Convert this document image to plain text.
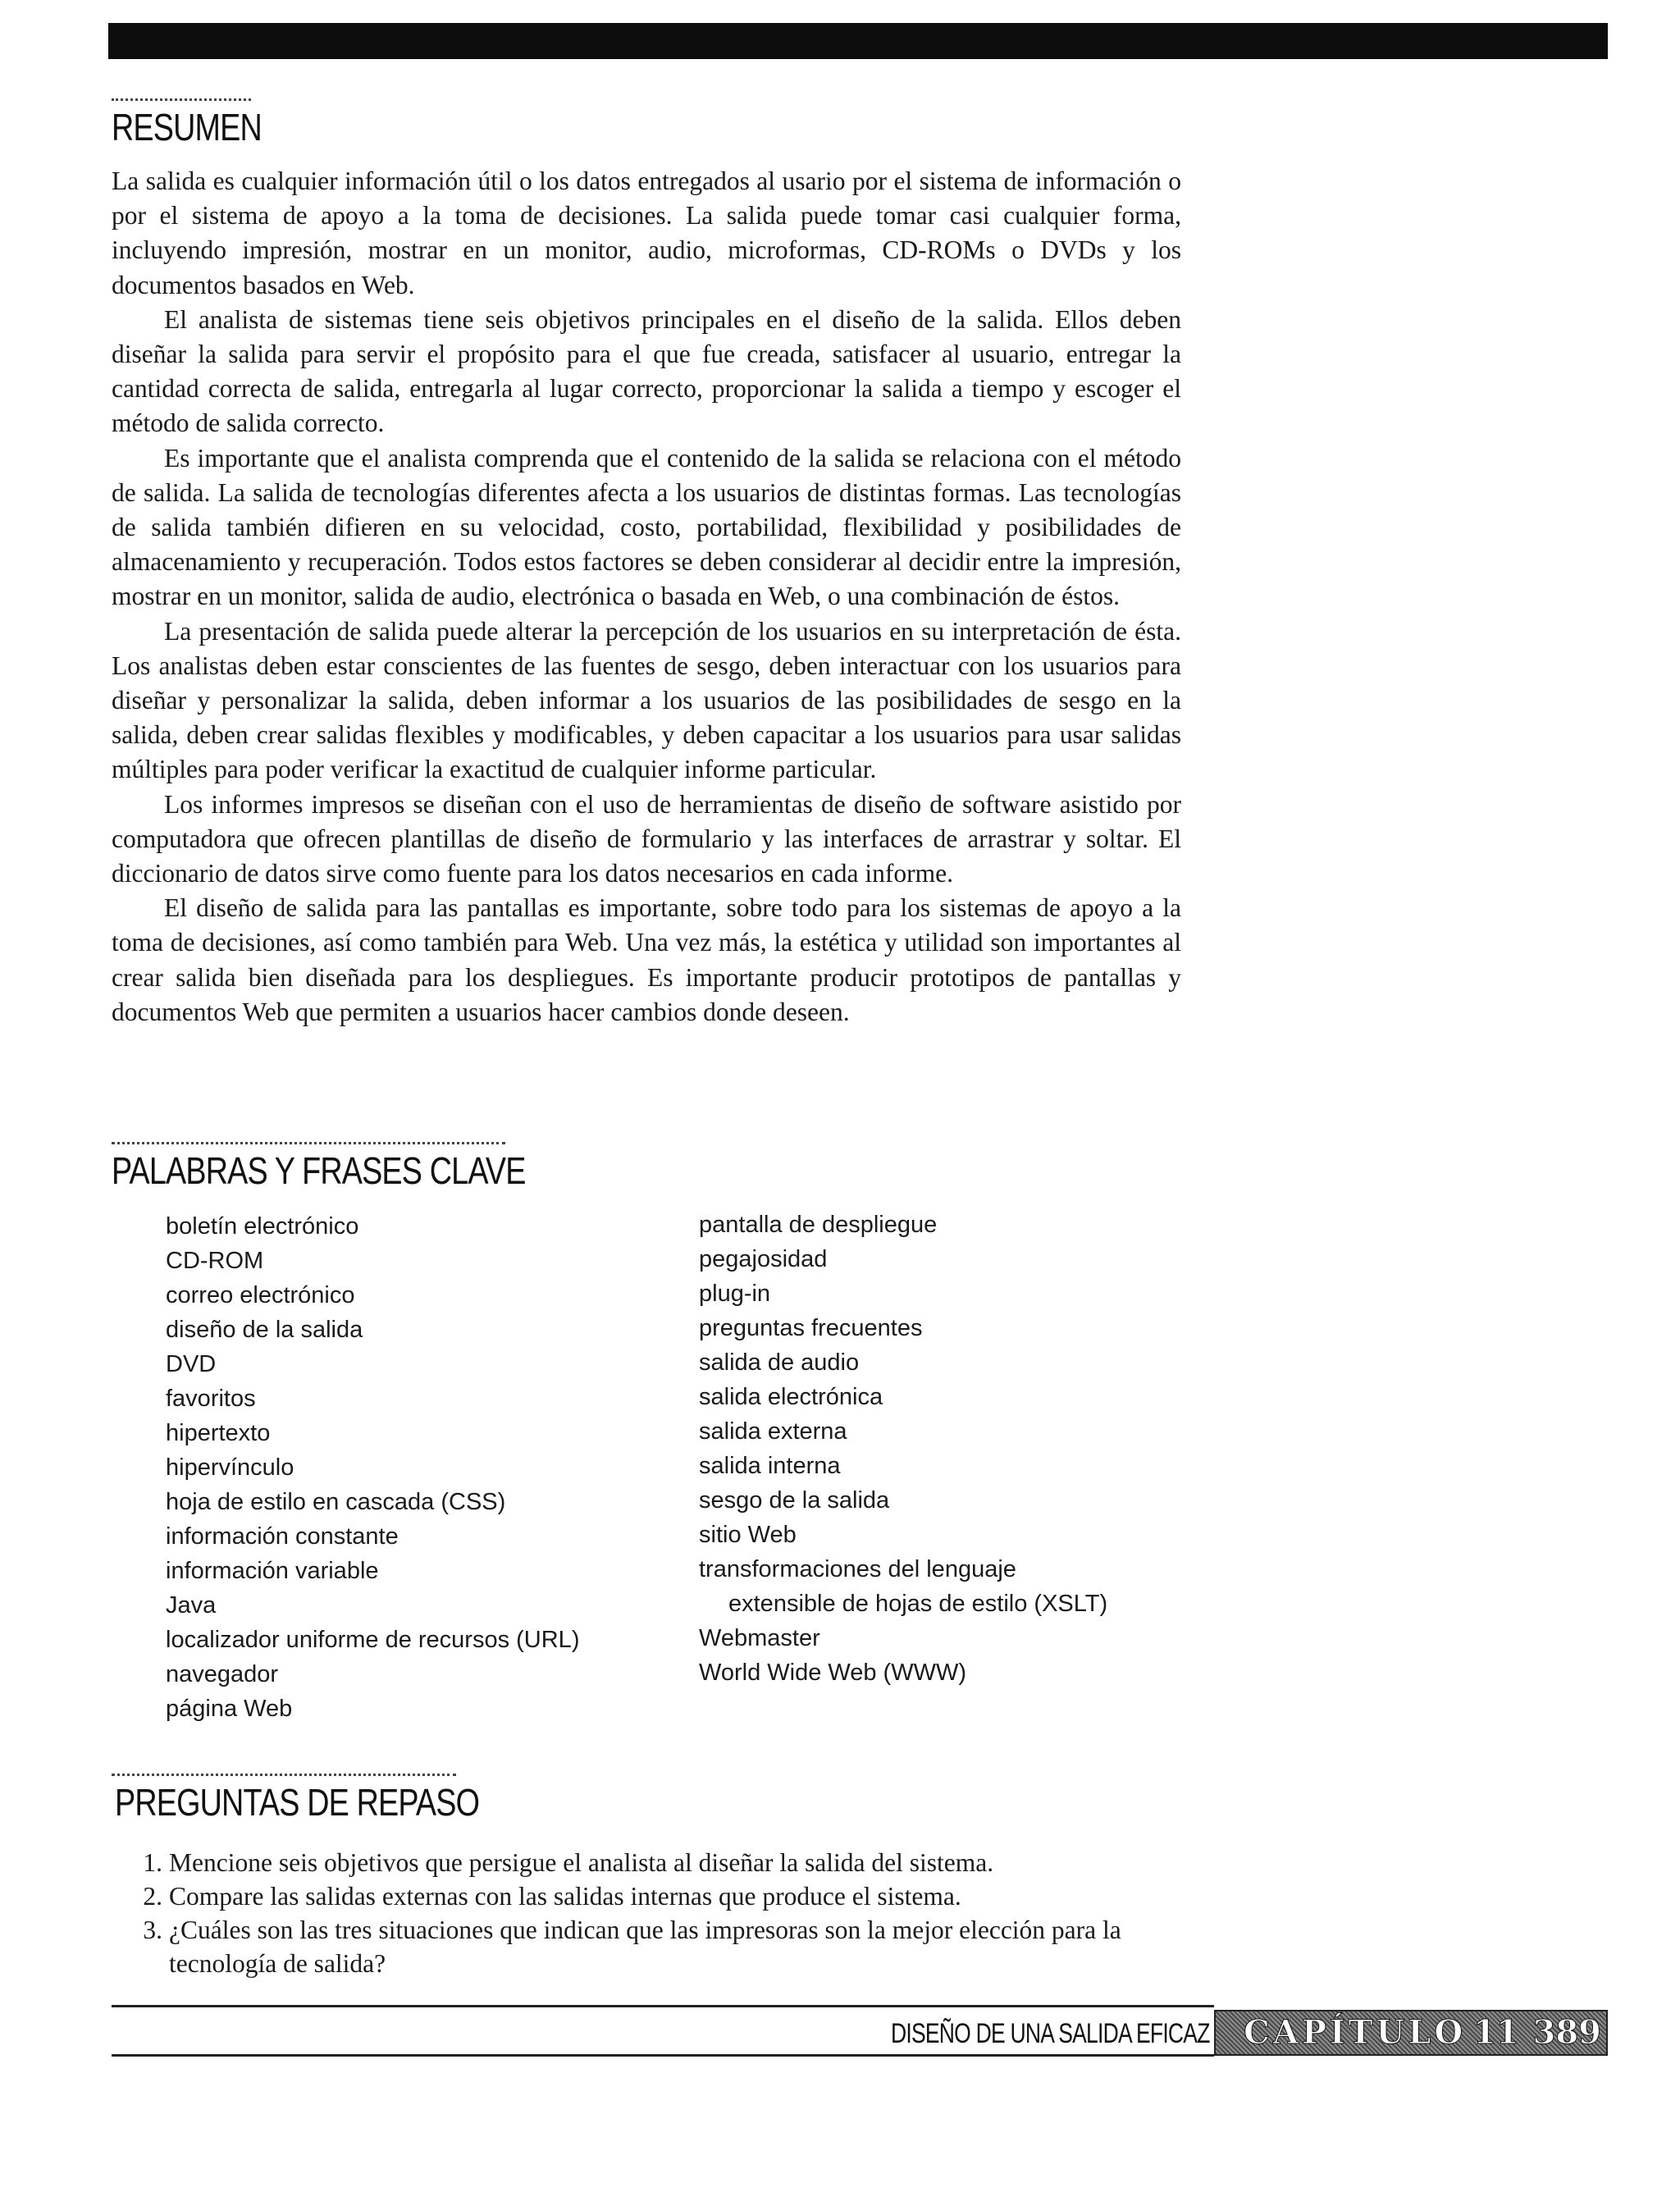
RESUMEN

La salida es cualquier información útil o los datos entregados al usario por el sistema de información o por el sistema de apoyo a la toma de decisiones. La salida puede tomar casi cualquier forma, incluyendo impresión, mostrar en un monitor, audio, microformas, CD-ROMs o DVDs y los documentos basados en Web.

El analista de sistemas tiene seis objetivos principales en el diseño de la salida. Ellos deben diseñar la salida para servir el propósito para el que fue creada, satisfacer al usuario, entregar la cantidad correcta de salida, entregarla al lugar correcto, proporcionar la salida a tiempo y escoger el método de salida correcto.

Es importante que el analista comprenda que el contenido de la salida se relaciona con el método de salida. La salida de tecnologías diferentes afecta a los usuarios de distintas formas. Las tecnologías de salida también difieren en su velocidad, costo, portabilidad, flexibilidad y posibilidades de almacenamiento y recuperación. Todos estos factores se deben considerar al decidir entre la impresión, mostrar en un monitor, salida de audio, electrónica o basada en Web, o una combinación de éstos.

La presentación de salida puede alterar la percepción de los usuarios en su interpretación de ésta. Los analistas deben estar conscientes de las fuentes de sesgo, deben interactuar con los usuarios para diseñar y personalizar la salida, deben informar a los usuarios de las posibilidades de sesgo en la salida, deben crear salidas flexibles y modificables, y deben capacitar a los usuarios para usar salidas múltiples para poder verificar la exactitud de cualquier informe particular.

Los informes impresos se diseñan con el uso de herramientas de diseño de software asistido por computadora que ofrecen plantillas de diseño de formulario y las interfaces de arrastrar y soltar. El diccionario de datos sirve como fuente para los datos necesarios en cada informe.

El diseño de salida para las pantallas es importante, sobre todo para los sistemas de apoyo a la toma de decisiones, así como también para Web. Una vez más, la estética y utilidad son importantes al crear salida bien diseñada para los despliegues. Es importante producir prototipos de pantallas y documentos Web que permiten a usuarios hacer cambios donde deseen.

PALABRAS Y FRASES CLAVE
boletín electrónico
CD-ROM
correo electrónico
diseño de la salida
DVD
favoritos
hipertexto
hipervínculo
hoja de estilo en cascada (CSS)
información constante
información variable
Java
localizador uniforme de recursos (URL)
navegador
página Web
pantalla de despliegue
pegajosidad
plug-in
preguntas frecuentes
salida de audio
salida electrónica
salida externa
salida interna
sesgo de la salida
sitio Web
transformaciones del lenguaje
extensible de hojas de estilo (XSLT)
Webmaster
World Wide Web (WWW)
PREGUNTAS DE REPASO
1. Mencione seis objetivos que persigue el analista al diseñar la salida del sistema.
2. Compare las salidas externas con las salidas internas que produce el sistema.
3. ¿Cuáles son las tres situaciones que indican que las impresoras son la mejor elección para la tecnología de salida?
DISEÑO DE UNA SALIDA EFICAZ CAPÍTULO 11 389
